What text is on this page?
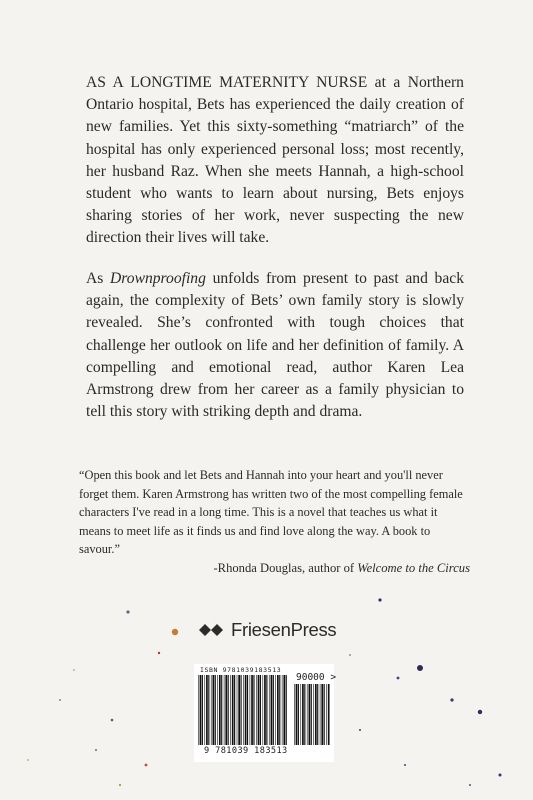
AS A LONGTIME MATERNITY NURSE at a Northern Ontario hospital, Bets has experienced the daily creation of new families. Yet this sixty-something “matriarch” of the hospital has only experienced personal loss; most recently, her husband Raz. When she meets Hannah, a high-school student who wants to learn about nursing, Bets enjoys sharing stories of her work, never suspecting the new direction their lives will take.

As Drownproofing unfolds from present to past and back again, the complexity of Bets’ own family story is slowly revealed. She’s confronted with tough choices that challenge her outlook on life and her definition of family. A compelling and emotional read, author Karen Lea Armstrong drew from her career as a family physician to tell this story with striking depth and drama.

“Open this book and let Bets and Hannah into your heart and you'll never forget them. Karen Armstrong has written two of the most compelling female characters I've read in a long time. This is a novel that teaches us what it means to meet life as it finds us and find love along the way. A book to savour.”

-Rhonda Douglas, author of Welcome to the Circus

FriesenPress
ISBN 9781039183513
90000 >
9 781039 183513
